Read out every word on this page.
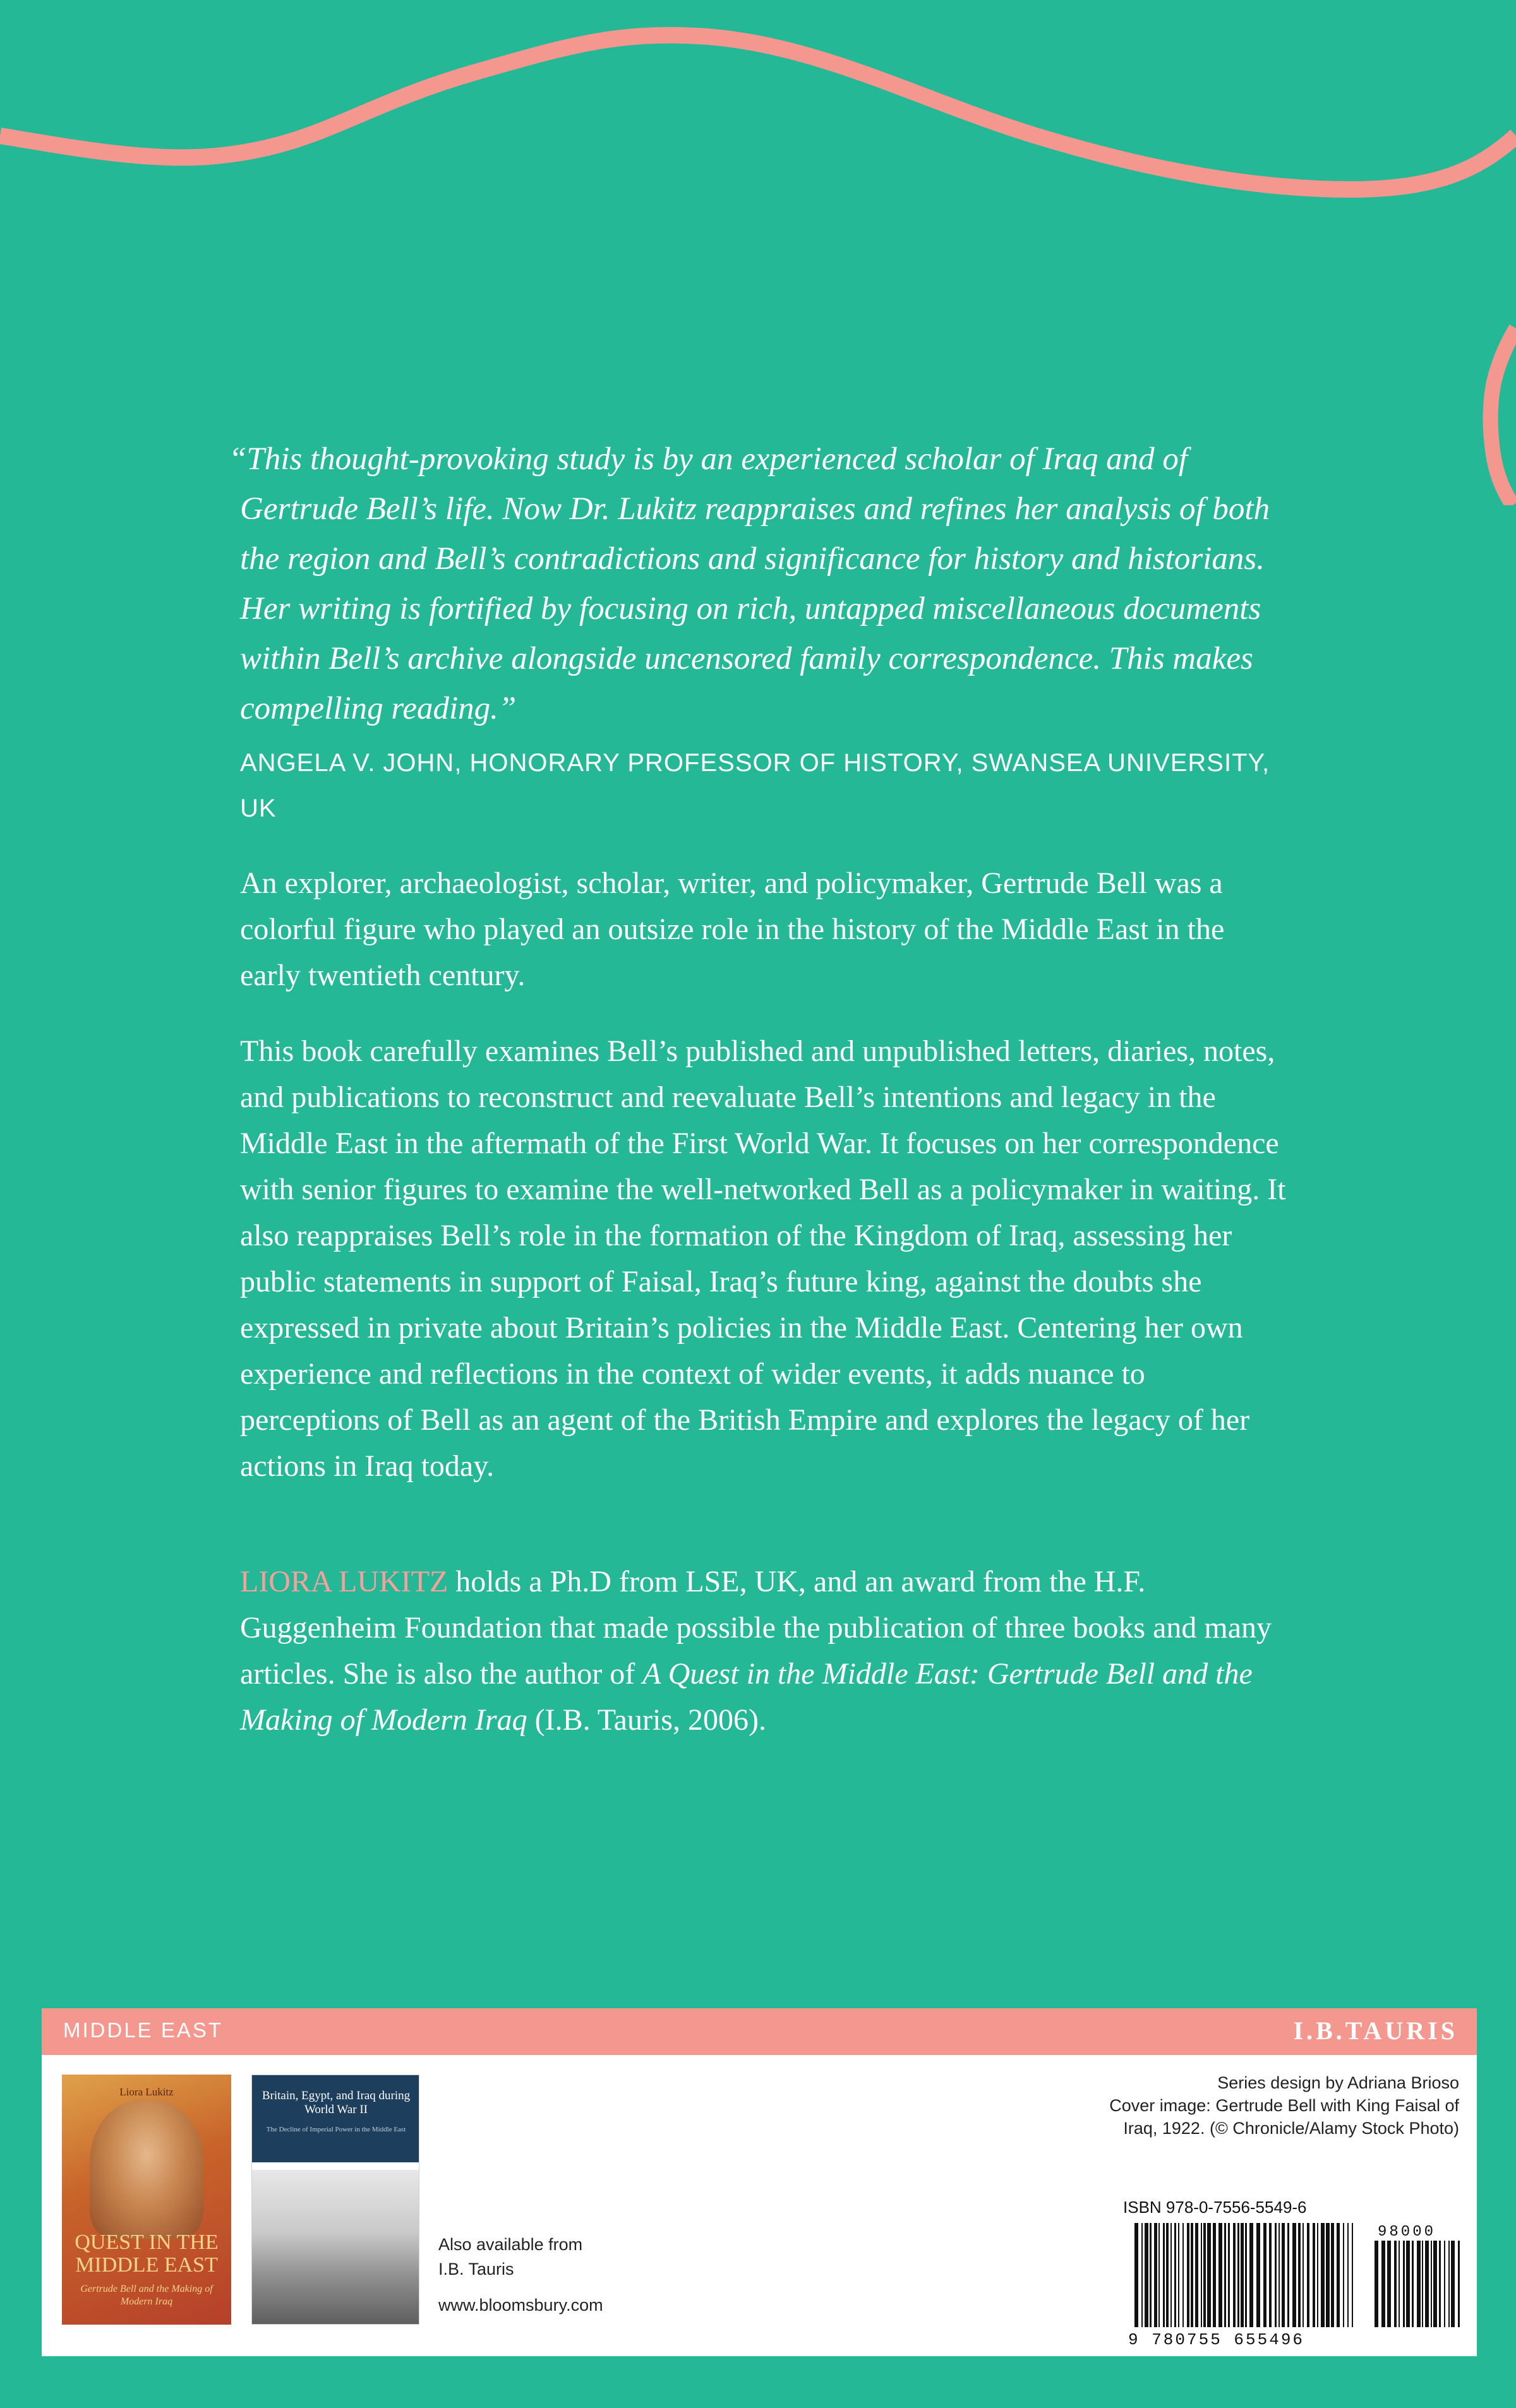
“This thought-provoking study is by an experienced scholar of Iraq and of Gertrude Bell’s life. Now Dr. Lukitz reappraises and refines her analysis of both the region and Bell’s contradictions and significance for history and historians. Her writing is fortified by focusing on rich, untapped miscellaneous documents within Bell’s archive alongside uncensored family correspondence. This makes compelling reading.”

ANGELA V. JOHN, HONORARY PROFESSOR OF HISTORY, SWANSEA UNIVERSITY, UK

An explorer, archaeologist, scholar, writer, and policymaker, Gertrude Bell was a colorful figure who played an outsize role in the history of the Middle East in the early twentieth century.

This book carefully examines Bell’s published and unpublished letters, diaries, notes, and publications to reconstruct and reevaluate Bell’s intentions and legacy in the Middle East in the aftermath of the First World War. It focuses on her correspondence with senior figures to examine the well-networked Bell as a policymaker in waiting. It also reappraises Bell’s role in the formation of the Kingdom of Iraq, assessing her public statements in support of Faisal, Iraq’s future king, against the doubts she expressed in private about Britain’s policies in the Middle East. Centering her own experience and reflections in the context of wider events, it adds nuance to perceptions of Bell as an agent of the British Empire and explores the legacy of her actions in Iraq today.

LIORA LUKITZ holds a Ph.D from LSE, UK, and an award from the H.F. Guggenheim Foundation that made possible the publication of three books and many articles. She is also the author of A Quest in the Middle East: Gertrude Bell and the Making of Modern Iraq (I.B. Tauris, 2006).

MIDDLE EAST	I.B.TAURIS
Liora Lukitz
QUEST IN THE MIDDLE EAST
Gertrude Bell and the Making of Modern Iraq
Britain, Egypt, and Iraq during World War II
The Decline of Imperial Power in the Middle East
Also available from
I.B. Tauris
www.bloomsbury.com
Series design by Adriana Brioso
Cover image: Gertrude Bell with King Faisal of
Iraq, 1922. (© Chronicle/Alamy Stock Photo)
ISBN 978-0-7556-5549-6
9 780755 655496
98000
